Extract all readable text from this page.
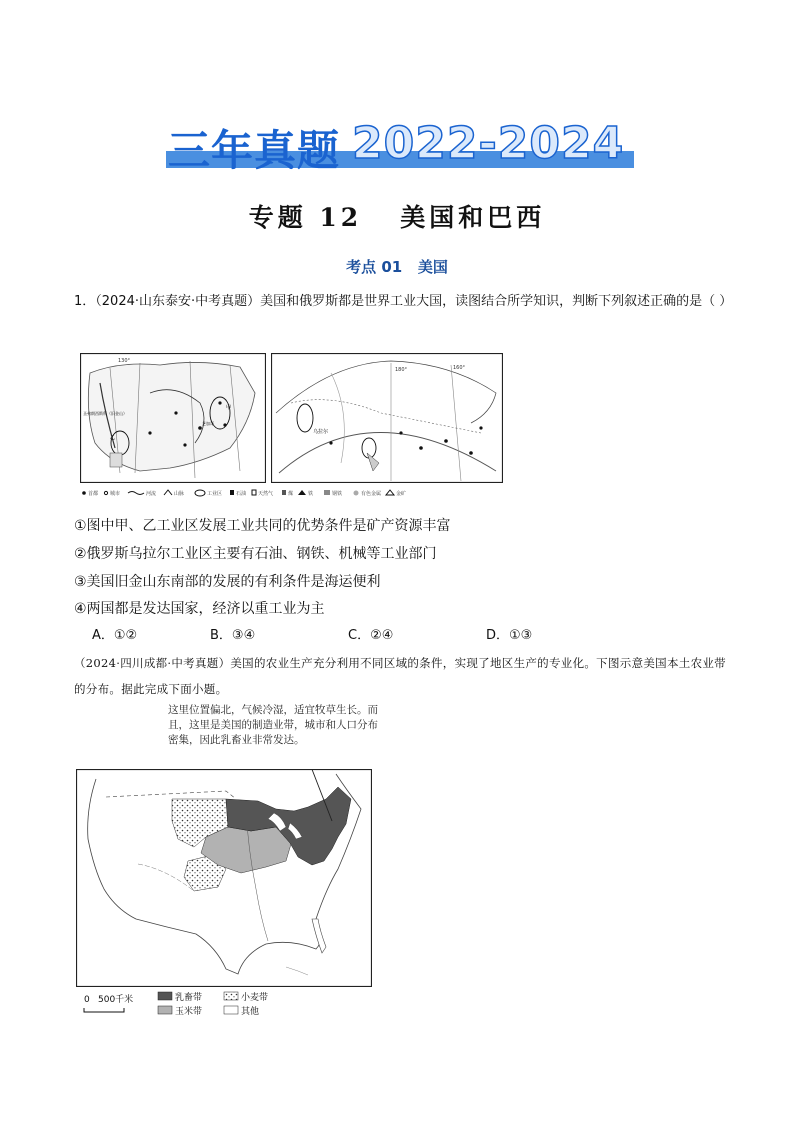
三年真题 2022-2024
专题 12   美国和巴西
考点 01   美国
1．（2024·山东泰安·中考真题）美国和俄罗斯都是世界工业大国，读图结合所学知识，判断下列叙述正确的是（ ）
130°
甲
圣弗朗西斯科（旧金山）
乙
芝加哥
180°	160°
乌拉尔
首都 城市	河流	山脉	工业区	石油 天然气	煤	铁	钢铁	有色金属	金矿
①图中甲、乙工业区发展工业共同的优势条件是矿产资源丰富
②俄罗斯乌拉尔工业区主要有石油、钢铁、机械等工业部门
③美国旧金山东南部的发展的有利条件是海运便利
④两国都是发达国家，经济以重工业为主
A．①②	B．③④	C．②④	D．①③
（2024·四川成都·中考真题）美国的农业生产充分利用不同区域的条件，实现了地区生产的专业化。下图示意美国本土农业带的分布。据此完成下面小题。
这里位置偏北，气候冷湿，适宜牧草生长。而且，这里是美国的制造业带，城市和人口分布密集，因此乳畜业非常发达。
0 500千米	乳畜带	小麦带
玉米带	其他
